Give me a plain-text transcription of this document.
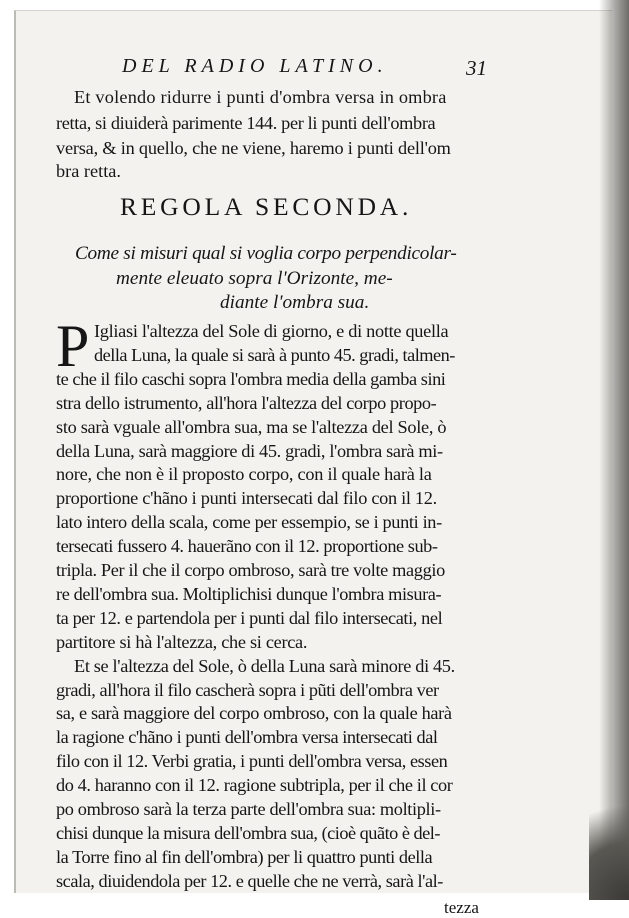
DEL RADIO LATINO.	31
Et volendo ridurre i punti d'ombra versa in ombra
retta, si diuiderà parimente 144. per li punti dell'ombra
versa, & in quello, che ne viene, haremo i punti dell'om
bra retta.
REGOLA SECONDA.
Come si misuri qual si voglia corpo perpendicolar-
mente eleuato sopra l'Orizonte, me-
diante l'ombra sua.
P Igliasi l'altezza del Sole di giorno, e di notte quella
della Luna, la quale si sarà à punto 45. gradi, talmen-
te che il filo caschi sopra l'ombra media della gamba sini
stra dello istrumento, all'hora l'altezza del corpo propo-
sto sarà vguale all'ombra sua, ma se l'altezza del Sole, ò
della Luna, sarà maggiore di 45. gradi, l'ombra sarà mi-
nore, che non è il proposto corpo, con il quale harà la
proportione c'hãno i punti intersecati dal filo con il 12.
lato intero della scala, come per essempio, se i punti in-
tersecati fussero 4. hauerãno con il 12. proportione sub-
tripla. Per il che il corpo ombroso, sarà tre volte maggio
re dell'ombra sua. Moltiplichisi dunque l'ombra misura-
ta per 12. e partendola per i punti dal filo intersecati, nel
partitore si hà l'altezza, che si cerca.
Et se l'altezza del Sole, ò della Luna sarà minore di 45.
gradi, all'hora il filo cascherà sopra i pũti dell'ombra ver
sa, e sarà maggiore del corpo ombroso, con la quale harà
la ragione c'hãno i punti dell'ombra versa intersecati dal
filo con il 12. Verbi gratia, i punti dell'ombra versa, essen
do 4. haranno con il 12. ragione subtripla, per il che il cor
po ombroso sarà la terza parte dell'ombra sua: moltipli-
chisi dunque la misura dell'ombra sua, (cioè quãto è del-
la Torre fino al fin dell'ombra) per li quattro punti della
scala, diuidendola per 12. e quelle che ne verrà, sarà l'al-
tezza
